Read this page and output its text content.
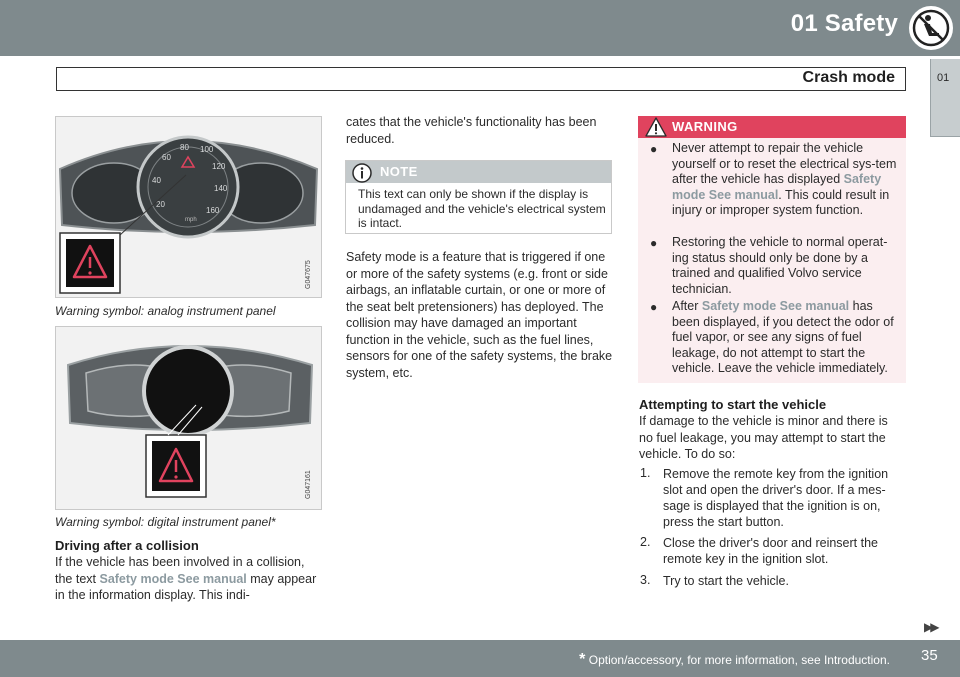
01 Safety
Crash mode	01
20
40
60
80 100
120
140
160
mph
G047675
Warning symbol: analog instrument panel
G047161
Warning symbol: digital instrument panel*
Driving after a collision
If the vehicle has been involved in a collision, the text Safety mode See manual may appear in the information display. This indi-
cates that the vehicle's functionality has been reduced.
NOTE
This text can only be shown if the display is undamaged and the vehicle's electrical system is intact.
Safety mode is a feature that is triggered if one or more of the safety systems (e.g. front or side airbags, an inflatable curtain, or one or more of the seat belt pretensioners) has deployed. The collision may have damaged an important function in the vehicle, such as the fuel lines, sensors for one of the safety systems, the brake system, etc.
WARNING
● Never attempt to repair the vehicle yourself or to reset the electrical sys-tem after the vehicle has displayed Safety mode See manual. This could result in injury or improper system function.
● Restoring the vehicle to normal operat-ing status should only be done by a trained and qualified Volvo service technician.
● After Safety mode See manual has been displayed, if you detect the odor of fuel vapor, or see any signs of fuel leakage, do not attempt to start the vehicle. Leave the vehicle immediately.
Attempting to start the vehicle
If damage to the vehicle is minor and there is no fuel leakage, you may attempt to start the vehicle. To do so:
1. Remove the remote key from the ignition slot and open the driver's door. If a mes-sage is displayed that the ignition is on, press the start button.
2. Close the driver's door and reinsert the remote key in the ignition slot.
3. Try to start the vehicle.
▶▶
* Option/accessory, for more information, see Introduction. 35
